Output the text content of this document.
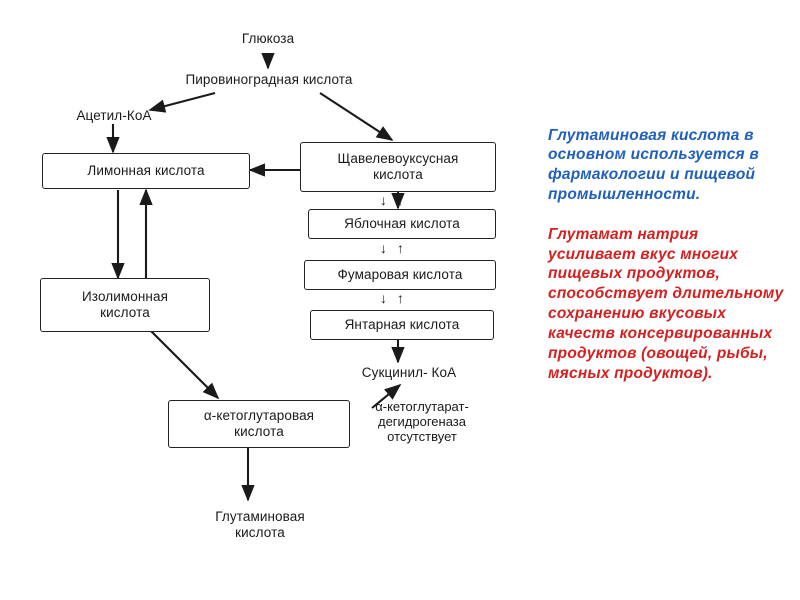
Глюкоза
Пировиноградная кислота
Ацетил-КоА
Лимонная кислота
Щавелевоуксусная
кислота
Яблочная кислота
Фумаровая кислота
Янтарная кислота
Изолимонная
кислота
Сукцинил- КоА
α-кетоглутаровая
кислота
Глутаминовая
кислота
α-кетоглутарат-
дегидрогеназа
отсутствует
↓ ↑
↓ ↑
↓ ↑

Глутаминовая кислота в основном используется в фармакологии и пищевой промышленности.

Глутамат натрия усиливает вкус многих пищевых продуктов, способствует длительному сохранению вкусовых качеств консервированных продуктов (овощей, рыбы, мясных продуктов).
